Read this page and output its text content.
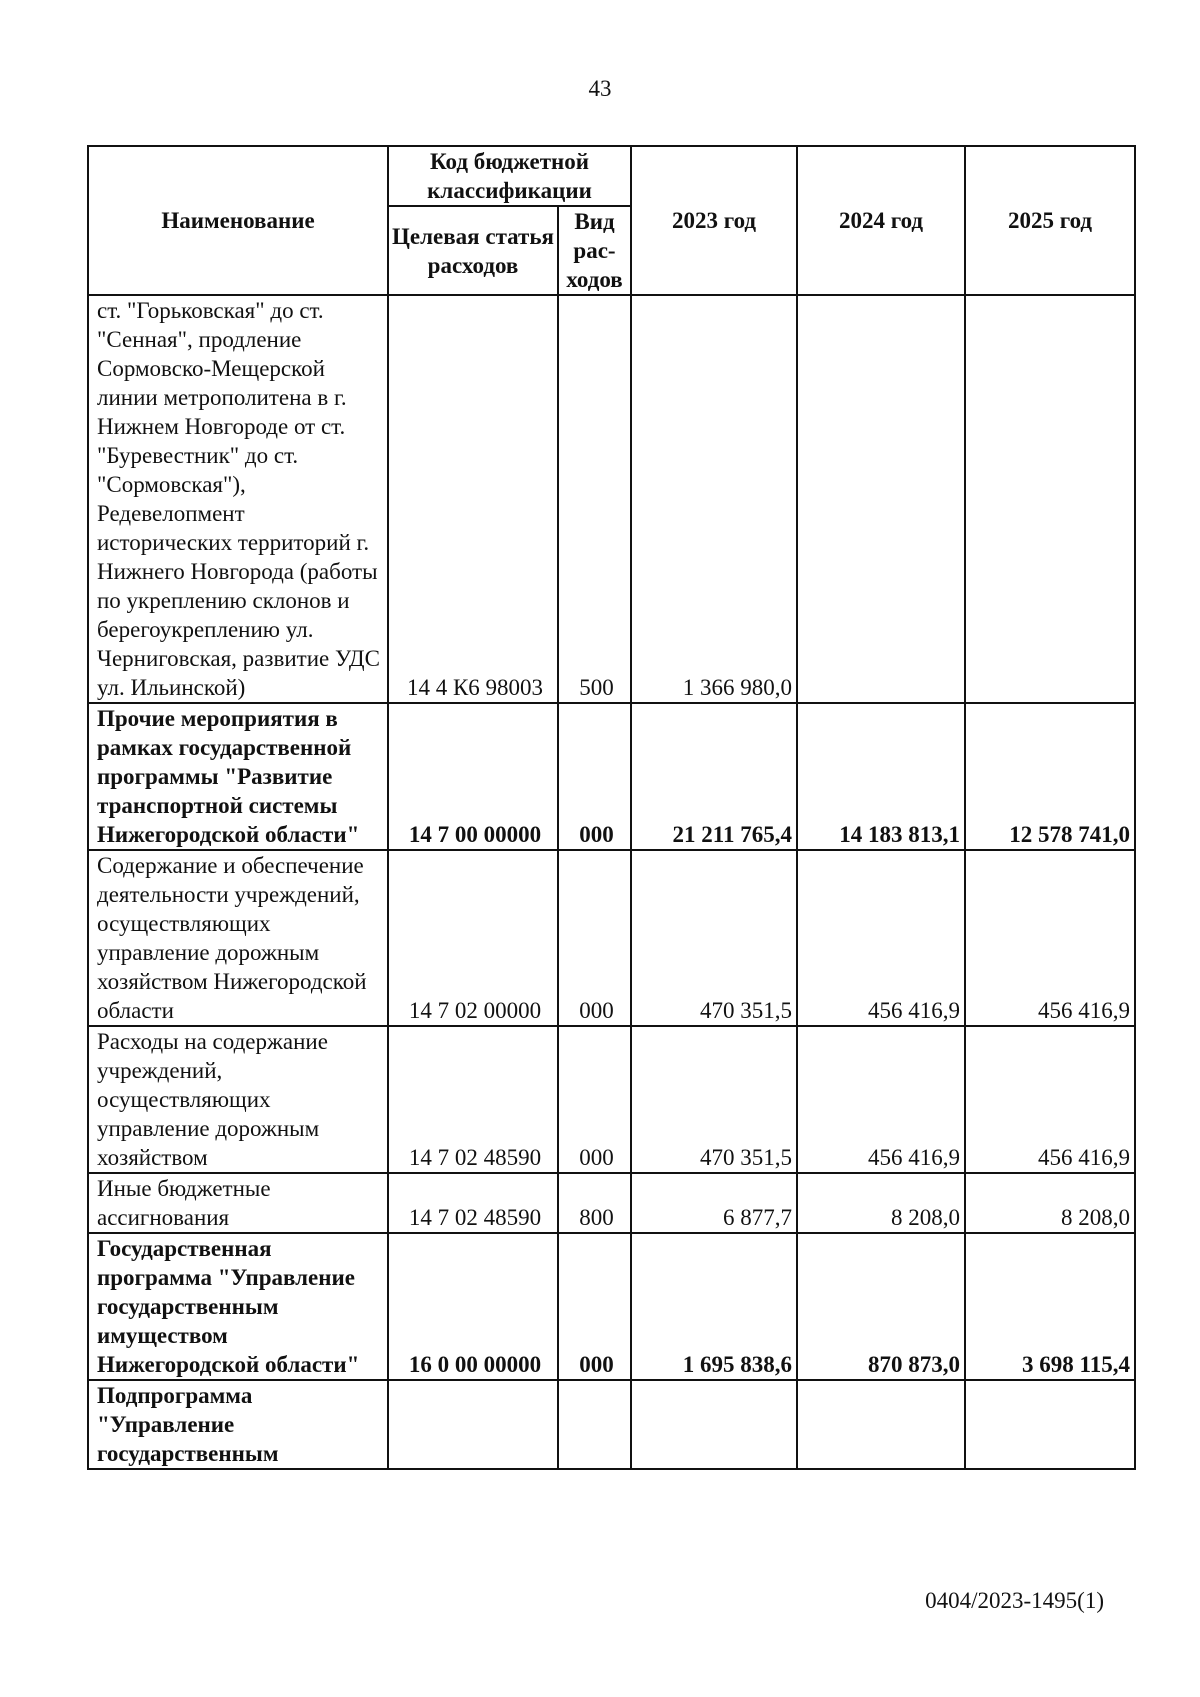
43
Наименование	Код бюджетной классификации		2023 год	2024 год	2025 год
	Целевая статья расходов	Вид рас-ходов			
ст. "Горьковская" до ст. "Сенная", продление Сормовско-Мещерской линии метрополитена в г. Нижнем Новгороде от ст. "Буревестник" до ст. "Сормовская"), Редевелопмент исторических территорий г. Нижнего Новгорода (работы по укреплению склонов и берегоукреплению ул. Черниговская, развитие УДС ул. Ильинской)	14 4 К6 98003	500	1 366 980,0		
Прочие мероприятия в рамках государственной программы "Развитие транспортной системы Нижегородской области"	14 7 00 00000	000	21 211 765,4	14 183 813,1	12 578 741,0
Содержание и обеспечение деятельности учреждений, осуществляющих управление дорожным хозяйством Нижегородской области	14 7 02 00000	000	470 351,5	456 416,9	456 416,9
Расходы на содержание учреждений, осуществляющих управление дорожным хозяйством	14 7 02 48590	000	470 351,5	456 416,9	456 416,9
Иные бюджетные ассигнования	14 7 02 48590	800	6 877,7	8 208,0	8 208,0
Государственная программа "Управление государственным имуществом Нижегородской области"	16 0 00 00000	000	1 695 838,6	870 873,0	3 698 115,4
Подпрограмма "Управление государственным					
0404/2023-1495(1)
